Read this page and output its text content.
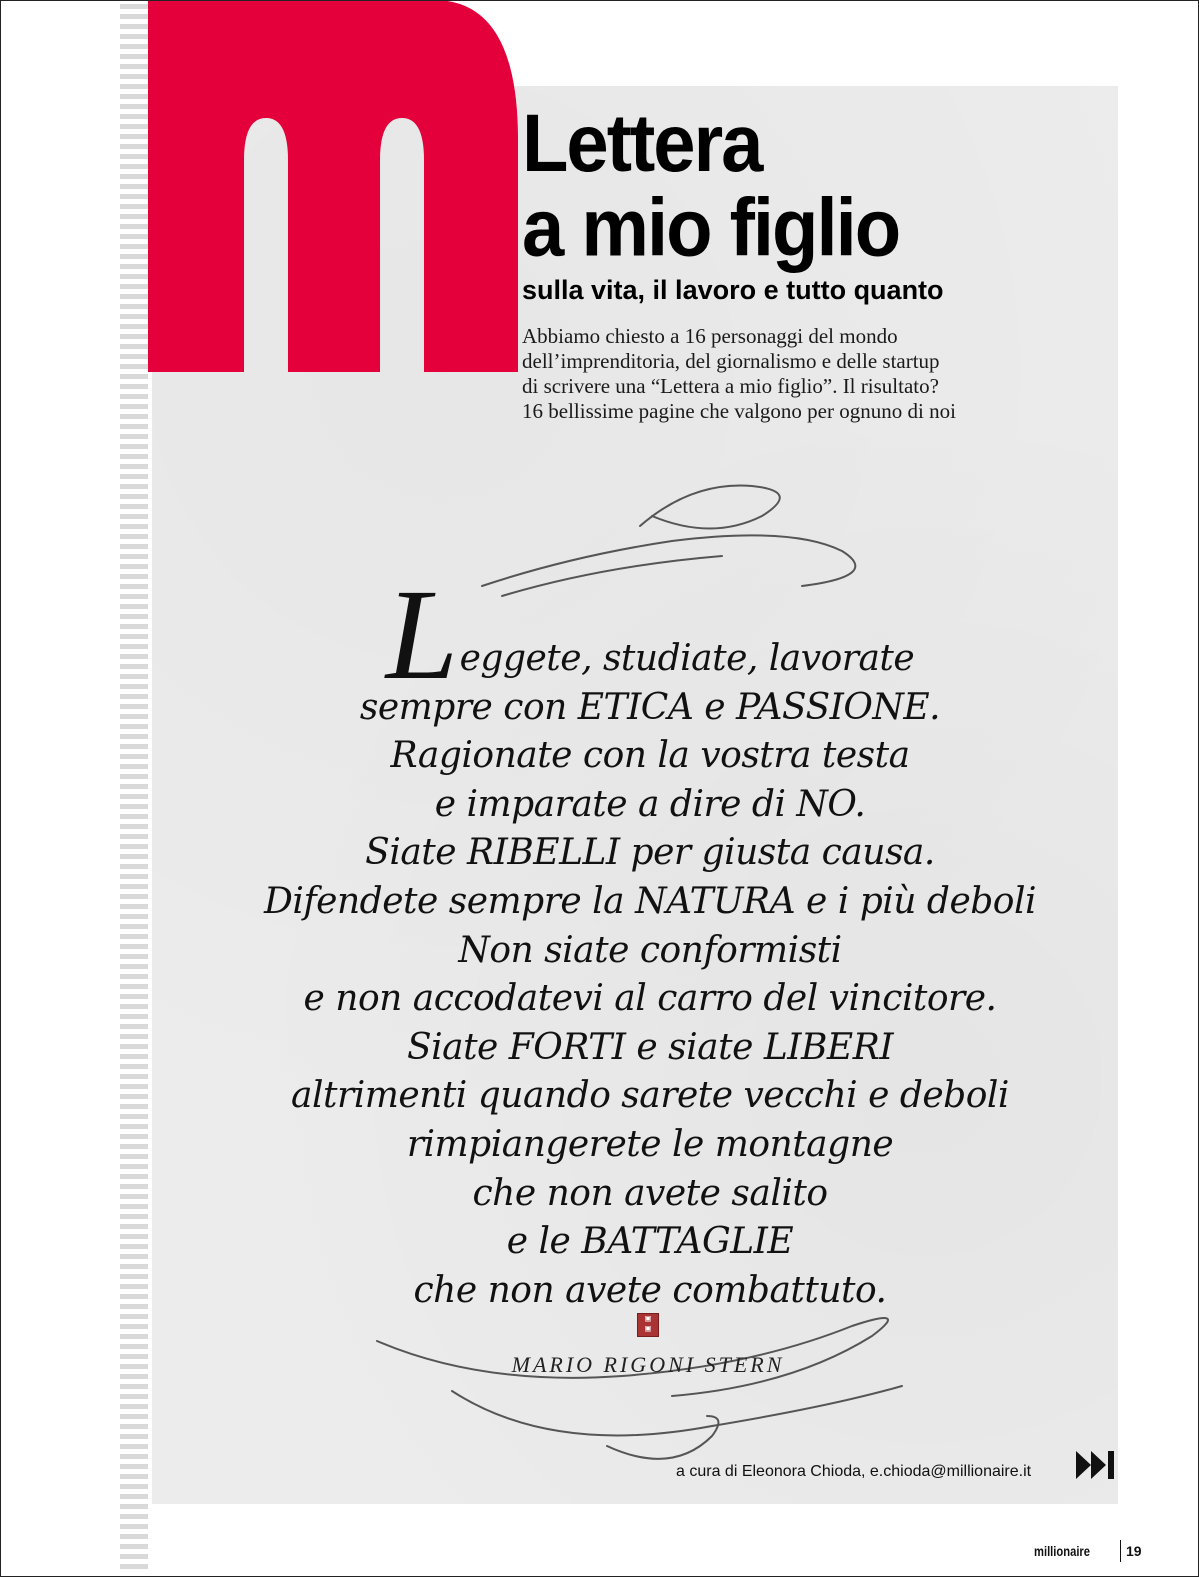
Lettera
a mio figlio
sulla vita, il lavoro e tutto quanto
Abbiamo chiesto a 16 personaggi del mondo
dell’imprenditoria, del giornalismo e delle startup
di scrivere una “Lettera a mio figlio”. Il risultato?
16 bellissime pagine che valgono per ognuno di noi
Leggete, studiate, lavorate
sempre con ETICA e PASSIONE.
Ragionate con la vostra testa
e imparate a dire di NO.
Siate RIBELLI per giusta causa.
Difendete sempre la NATURA e i più deboli
Non siate conformisti
e non accodatevi al carro del vincitore.
Siate FORTI e siate LIBERI
altrimenti quando sarete vecchi e deboli
rimpiangerete le montagne
che non avete salito
e le BATTAGLIE
che non avete combattuto.
▣
▣
MARIO RIGONI STERN
a cura di Eleonora Chioda, e.chioda@millionaire.it
millionaire	19
